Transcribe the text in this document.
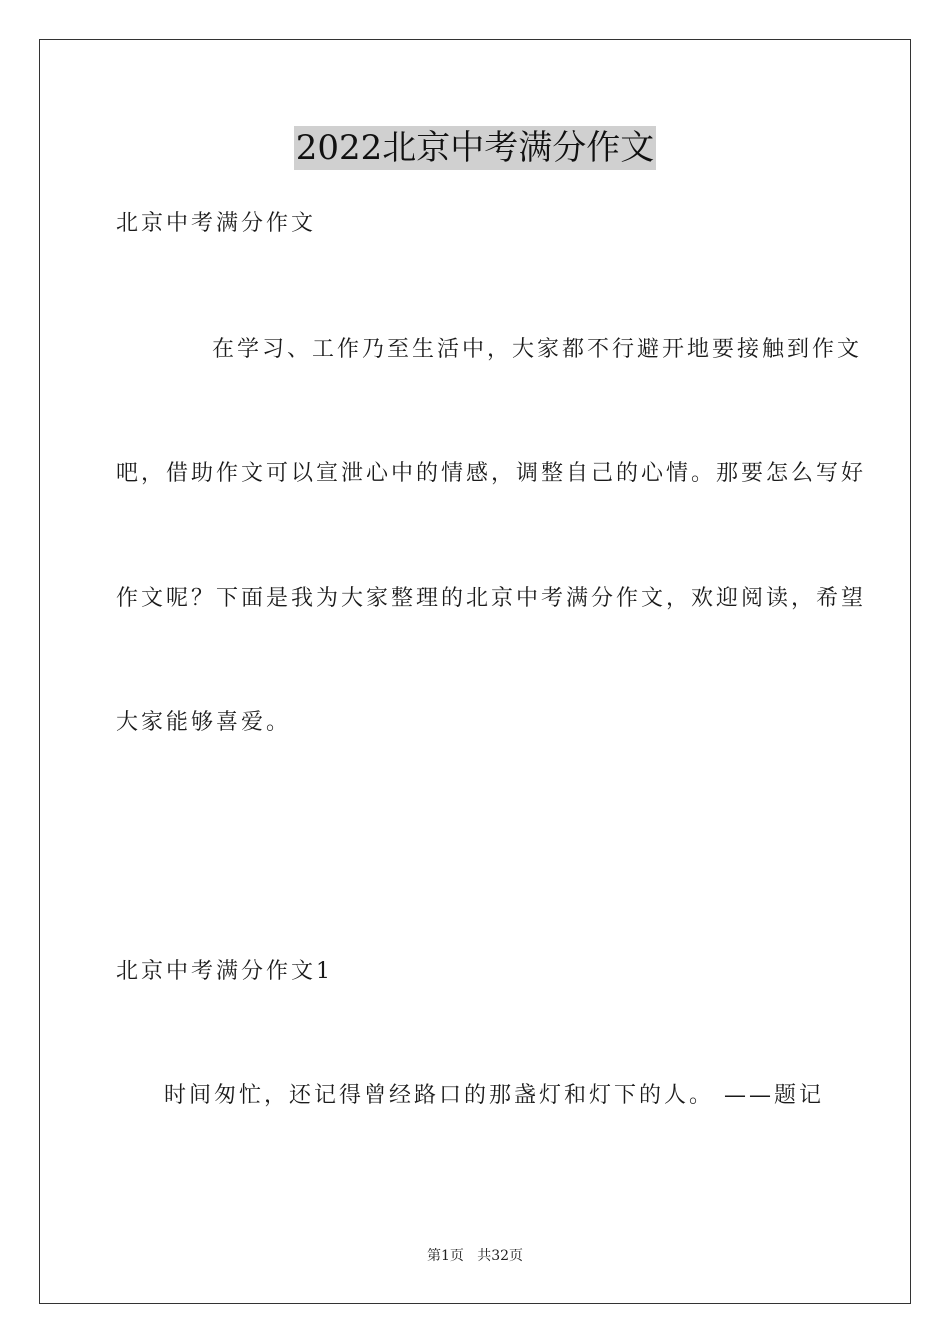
2022北京中考满分作文

北京中考满分作文

在学习、工作乃至生活中，大家都不行避开地要接触到作文

吧，借助作文可以宣泄心中的情感，调整自己的心情。那要怎么写好

作文呢？下面是我为大家整理的北京中考满分作文，欢迎阅读，希望

大家能够喜爱。

北京中考满分作文1

时间匆忙，还记得曾经路口的那盏灯和灯下的人。 ——题记

第1页   共32页
